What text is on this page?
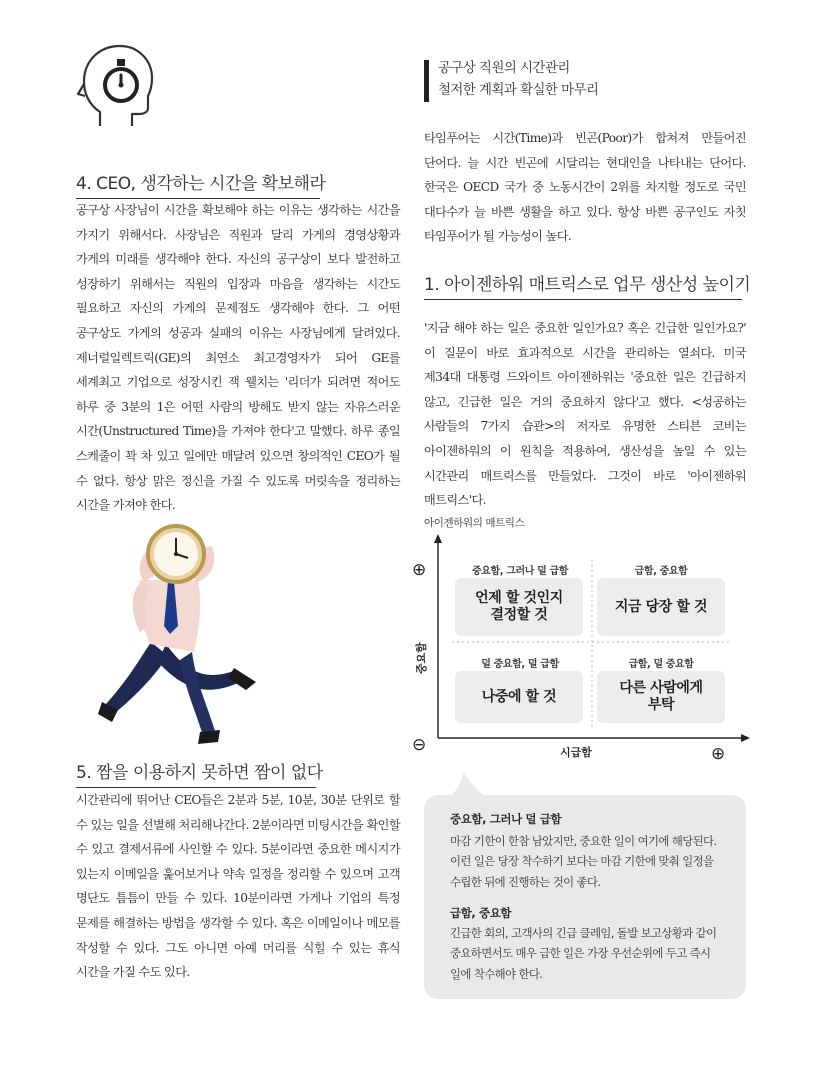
4. CEO, 생각하는 시간을 확보해라
공구상 사장님이 시간을 확보해야 하는 이유는 생각하는 시간을 가지기 위해서다. 사장님은 직원과 달리 가게의 경영상황과 가게의 미래를 생각해야 한다. 자신의 공구상이 보다 발전하고 성장하기 위해서는 직원의 입장과 마음을 생각하는 시간도 필요하고 자신의 가게의 문제점도 생각해야 한다. 그 어떤 공구상도 가게의 성공과 실패의 이유는 사장님에게 달려있다. 제너럴일렉트릭(GE)의 최연소 최고경영자가 되어 GE를 세계최고 기업으로 성장시킨 잭 웰치는 '리더가 되려면 적어도 하루 중 3분의 1은 어떤 사람의 방해도 받지 않는 자유스러운 시간(Unstructured Time)을 가져야 한다'고 말했다. 하루 종일 스케줄이 꽉 차 있고 일에만 매달려 있으면 창의적인 CEO가 될 수 없다. 항상 맑은 정신을 가질 수 있도록 머릿속을 정리하는 시간을 가져야 한다.
5. 짬을 이용하지 못하면 짬이 없다
시간관리에 뛰어난 CEO들은 2분과 5분, 10분, 30분 단위로 할 수 있는 일을 선별해 처리해나간다. 2분이라면 미팅시간을 확인할 수 있고 결제서류에 사인할 수 있다. 5분이라면 중요한 메시지가 있는지 이메일을 훑어보거나 약속 일정을 정리할 수 있으며 고객 명단도 틈틈이 만들 수 있다. 10분이라면 가게나 기업의 특정 문제를 해결하는 방법을 생각할 수 있다. 혹은 이메일이나 메모를 작성할 수 있다. 그도 아니면 아예 머리를 식힐 수 있는 휴식 시간을 가질 수도 있다.
공구상 직원의 시간관리
철저한 계획과 확실한 마무리
타임푸어는 시간(Time)과 빈곤(Poor)가 합쳐져 만들어진 단어다. 늘 시간 빈곤에 시달리는 현대인을 나타내는 단어다. 한국은 OECD 국가 중 노동시간이 2위를 차지할 정도로 국민 대다수가 늘 바쁜 생활을 하고 있다. 항상 바쁜 공구인도 자칫 타임푸어가 될 가능성이 높다.
1. 아이젠하워 매트릭스로 업무 생산성 높이기
'지금 해야 하는 일은 중요한 일인가요? 혹은 긴급한 일인가요?' 이 질문이 바로 효과적으로 시간을 관리하는 열쇠다. 미국 제34대 대통령 드와이트 아이젠하워는 '중요한 일은 긴급하지 않고, 긴급한 일은 거의 중요하지 않다'고 했다. <성공하는 사람들의 7가지 습관>의 저자로 유명한 스티븐 코비는 아이젠하워의 이 원칙을 적용하여, 생산성을 높일 수 있는 시간관리 매트릭스를 만들었다. 그것이 바로 '아이젠하워 매트릭스'다.
아이젠하워의 매트릭스
⊕
⊖	⊕
중요함
시급함
중요함, 그러나 덜 급함	급함, 중요함
덜 중요함, 덜 급함	급함, 덜 중요함
언제 할 것인지
결정할 것
지금 당장 할 것
나중에 할 것
다른 사람에게
부탁
중요함, 그러나 덜 급함
마감 기한이 한참 남았지만, 중요한 일이 여기에 해당된다. 이런 일은 당장 착수하기 보다는 마감 기한에 맞춰 일정을 수립한 뒤에 진행하는 것이 좋다.
급함, 중요함
긴급한 회의, 고객사의 긴급 클레임, 돌발 보고상황과 같이 중요하면서도 매우 급한 일은 가장 우선순위에 두고 즉시 일에 착수해야 한다.
